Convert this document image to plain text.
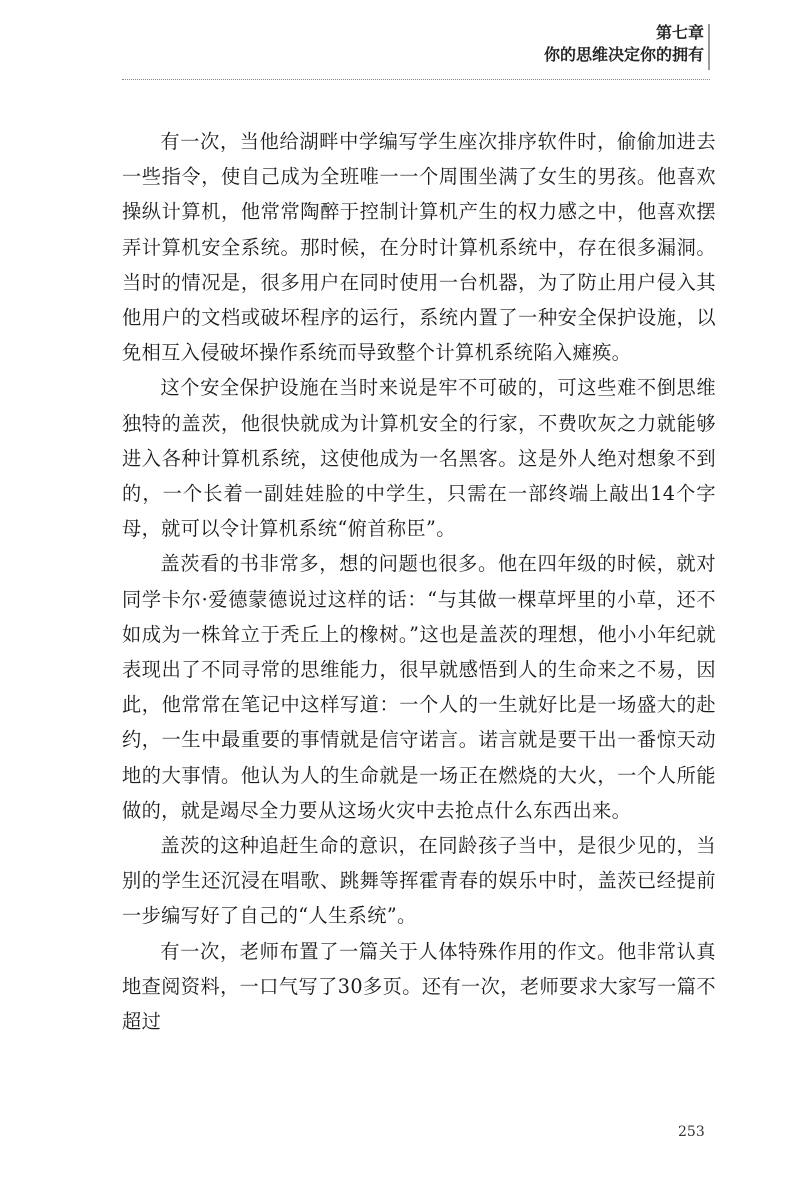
第七章
你的思维决定你的拥有

有一次，当他给湖畔中学编写学生座次排序软件时，偷偷加进去一些指令，使自己成为全班唯一一个周围坐满了女生的男孩。他喜欢操纵计算机，他常常陶醉于控制计算机产生的权力感之中，他喜欢摆弄计算机安全系统。那时候，在分时计算机系统中，存在很多漏洞。当时的情况是，很多用户在同时使用一台机器，为了防止用户侵入其他用户的文档或破坏程序的运行，系统内置了一种安全保护设施，以免相互入侵破坏操作系统而导致整个计算机系统陷入瘫痪。

这个安全保护设施在当时来说是牢不可破的，可这些难不倒思维独特的盖茨，他很快就成为计算机安全的行家，不费吹灰之力就能够进入各种计算机系统，这使他成为一名黑客。这是外人绝对想象不到的，一个长着一副娃娃脸的中学生，只需在一部终端上敲出14个字母，就可以令计算机系统“俯首称臣”。

盖茨看的书非常多，想的问题也很多。他在四年级的时候，就对同学卡尔·爱德蒙德说过这样的话：“与其做一棵草坪里的小草，还不如成为一株耸立于秃丘上的橡树。”这也是盖茨的理想，他小小年纪就表现出了不同寻常的思维能力，很早就感悟到人的生命来之不易，因此，他常常在笔记中这样写道：一个人的一生就好比是一场盛大的赴约，一生中最重要的事情就是信守诺言。诺言就是要干出一番惊天动地的大事情。他认为人的生命就是一场正在燃烧的大火，一个人所能做的，就是竭尽全力要从这场火灾中去抢点什么东西出来。

盖茨的这种追赶生命的意识，在同龄孩子当中，是很少见的，当别的学生还沉浸在唱歌、跳舞等挥霍青春的娱乐中时，盖茨已经提前一步编写好了自己的“人生系统”。

有一次，老师布置了一篇关于人体特殊作用的作文。他非常认真地查阅资料，一口气写了30多页。还有一次，老师要求大家写一篇不超过

253
